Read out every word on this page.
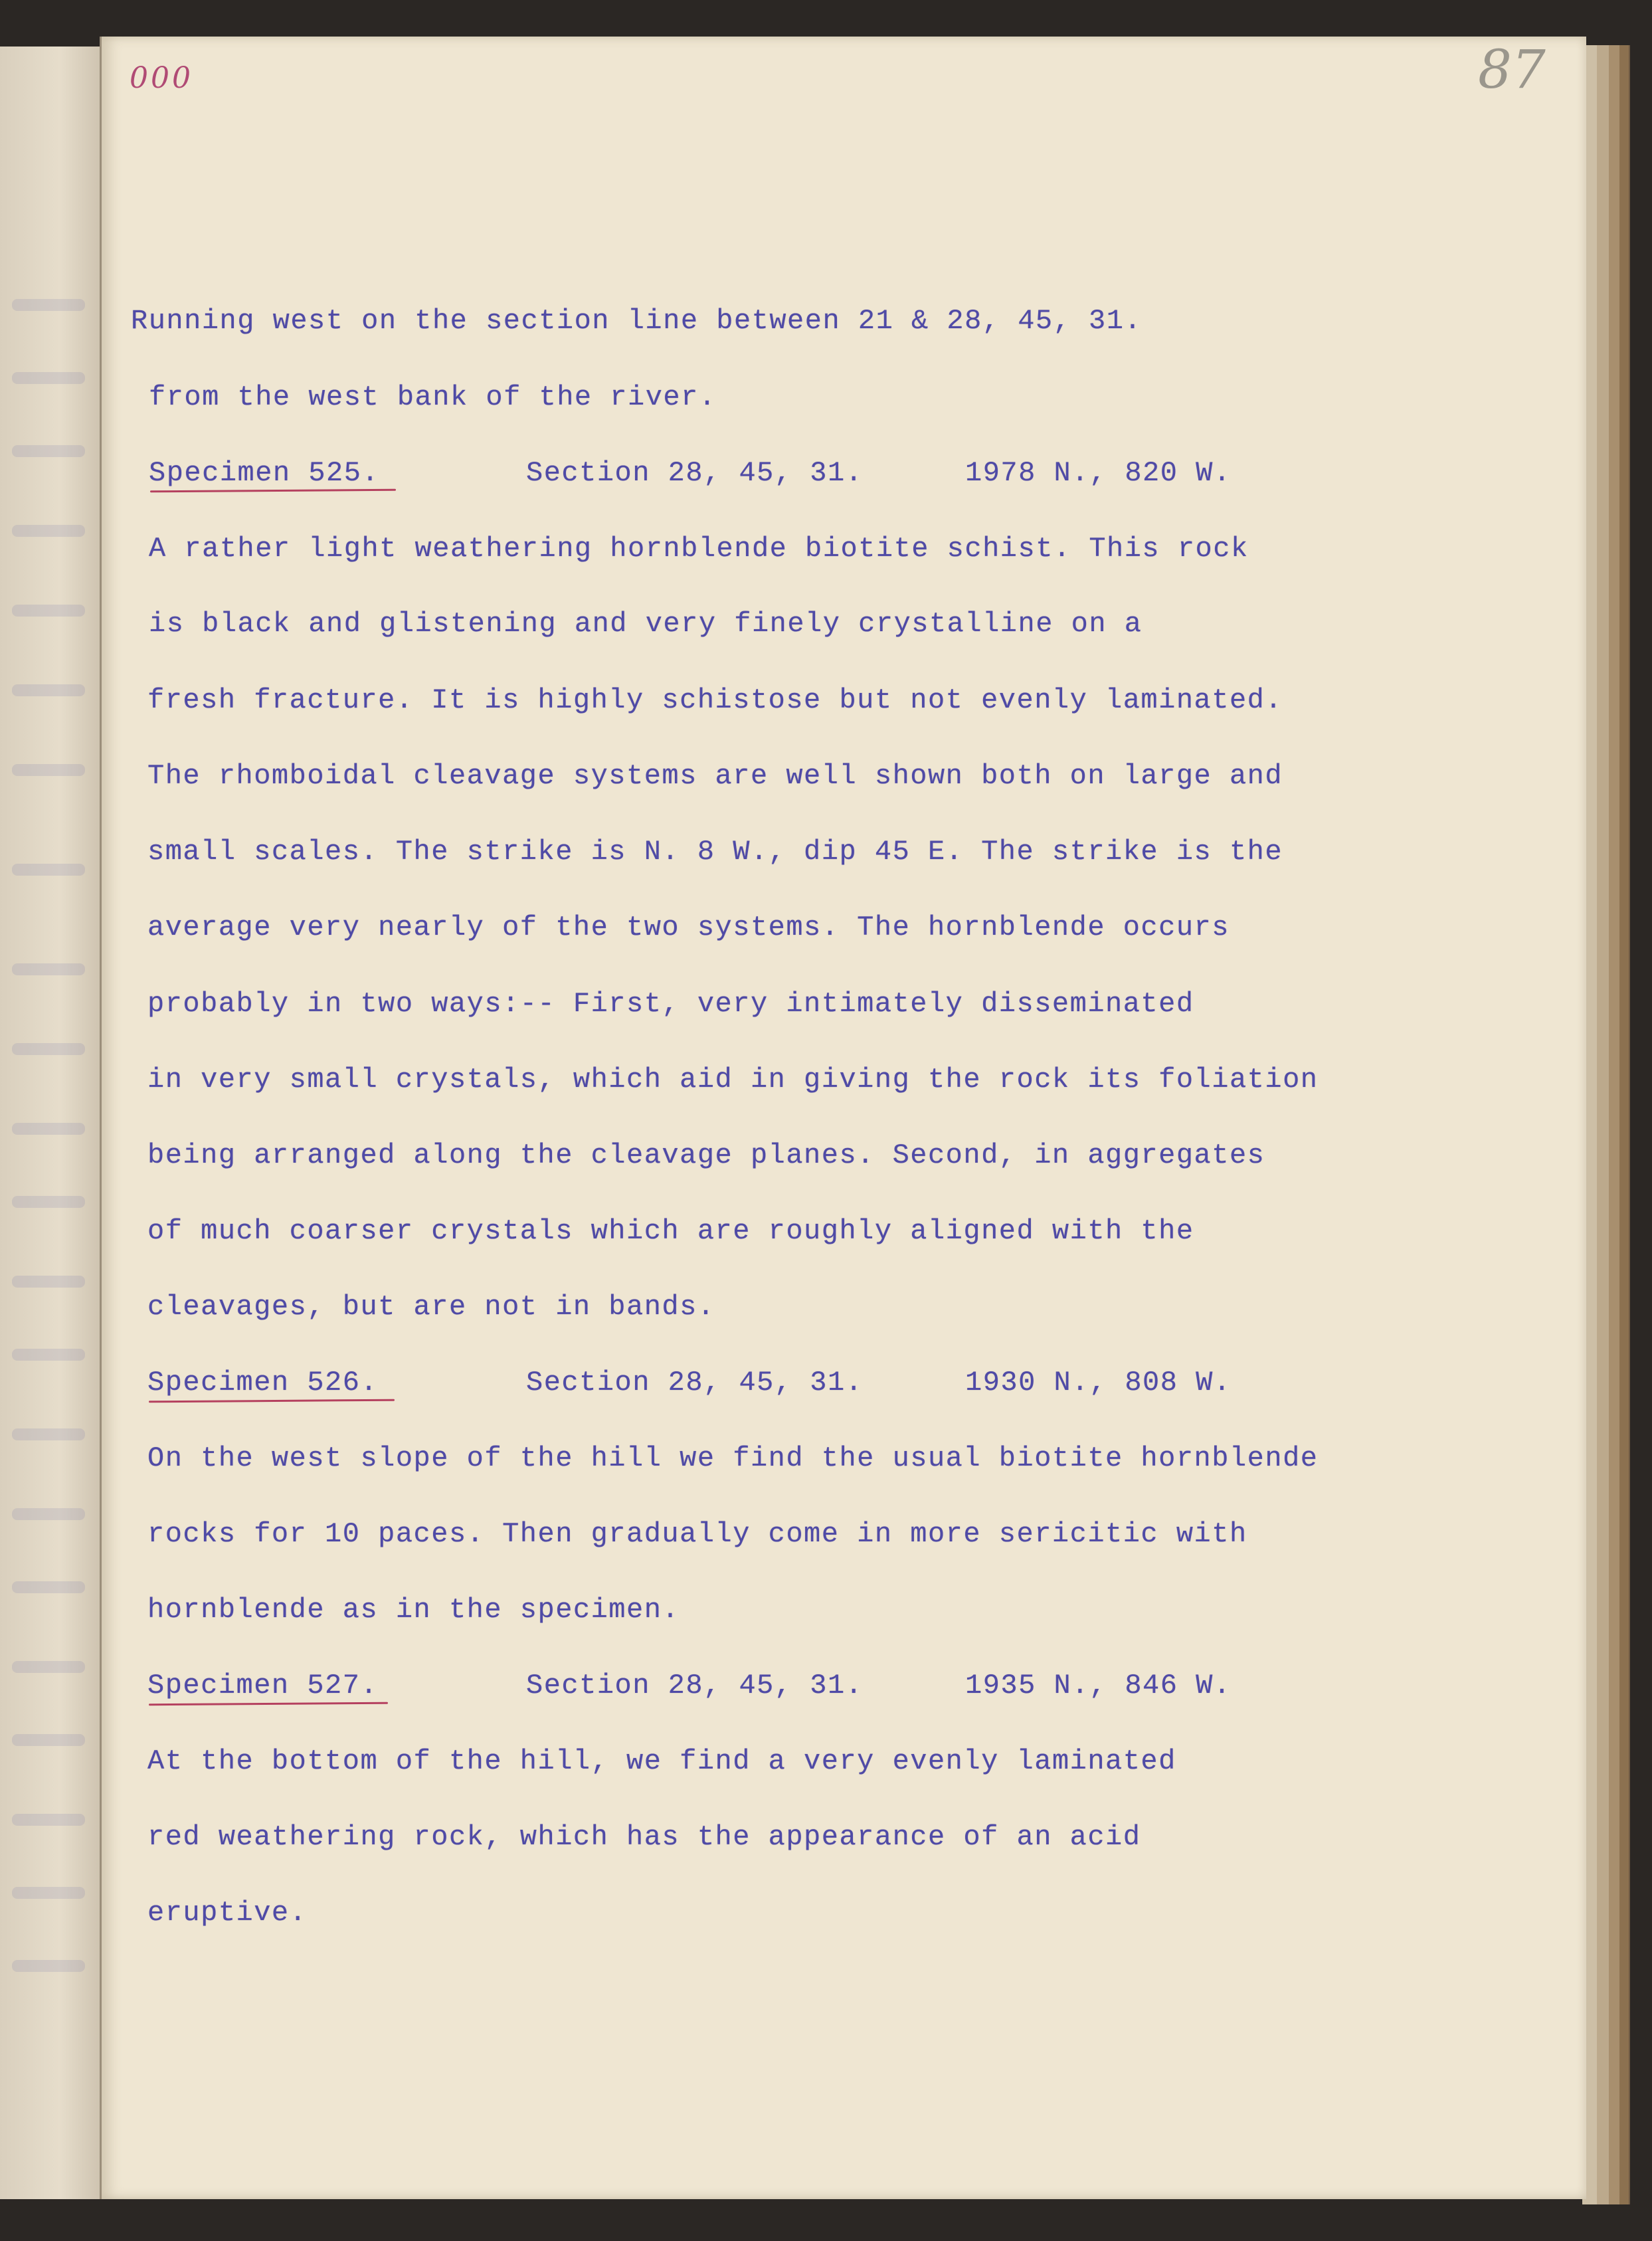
000	87
Running west on the section line between 21 & 28, 45, 31.
from the west bank of the river.
Specimen 525.	Section 28, 45, 31.	1978 N., 820 W.
A rather light weathering hornblende biotite schist. This rock
is black and glistening and very finely crystalline on a
fresh fracture. It is highly schistose but not evenly laminated.
The rhomboidal cleavage systems are well shown both on large and
small scales. The strike is N. 8 W., dip 45 E. The strike is the
average very nearly of the two systems. The hornblende occurs
probably in two ways:-- First, very intimately disseminated
in very small crystals, which aid in giving the rock its foliation
being arranged along the cleavage planes. Second, in aggregates
of much coarser crystals which are roughly aligned with the
cleavages, but are not in bands.
Specimen 526.	Section 28, 45, 31.	1930 N., 808 W.
On the west slope of the hill we find the usual biotite hornblende
rocks for 10 paces. Then gradually come in more sericitic with
hornblende as in the specimen.
Specimen 527.	Section 28, 45, 31.	1935 N., 846 W.
At the bottom of the hill, we find a very evenly laminated
red weathering rock, which has the appearance of an acid
eruptive.
